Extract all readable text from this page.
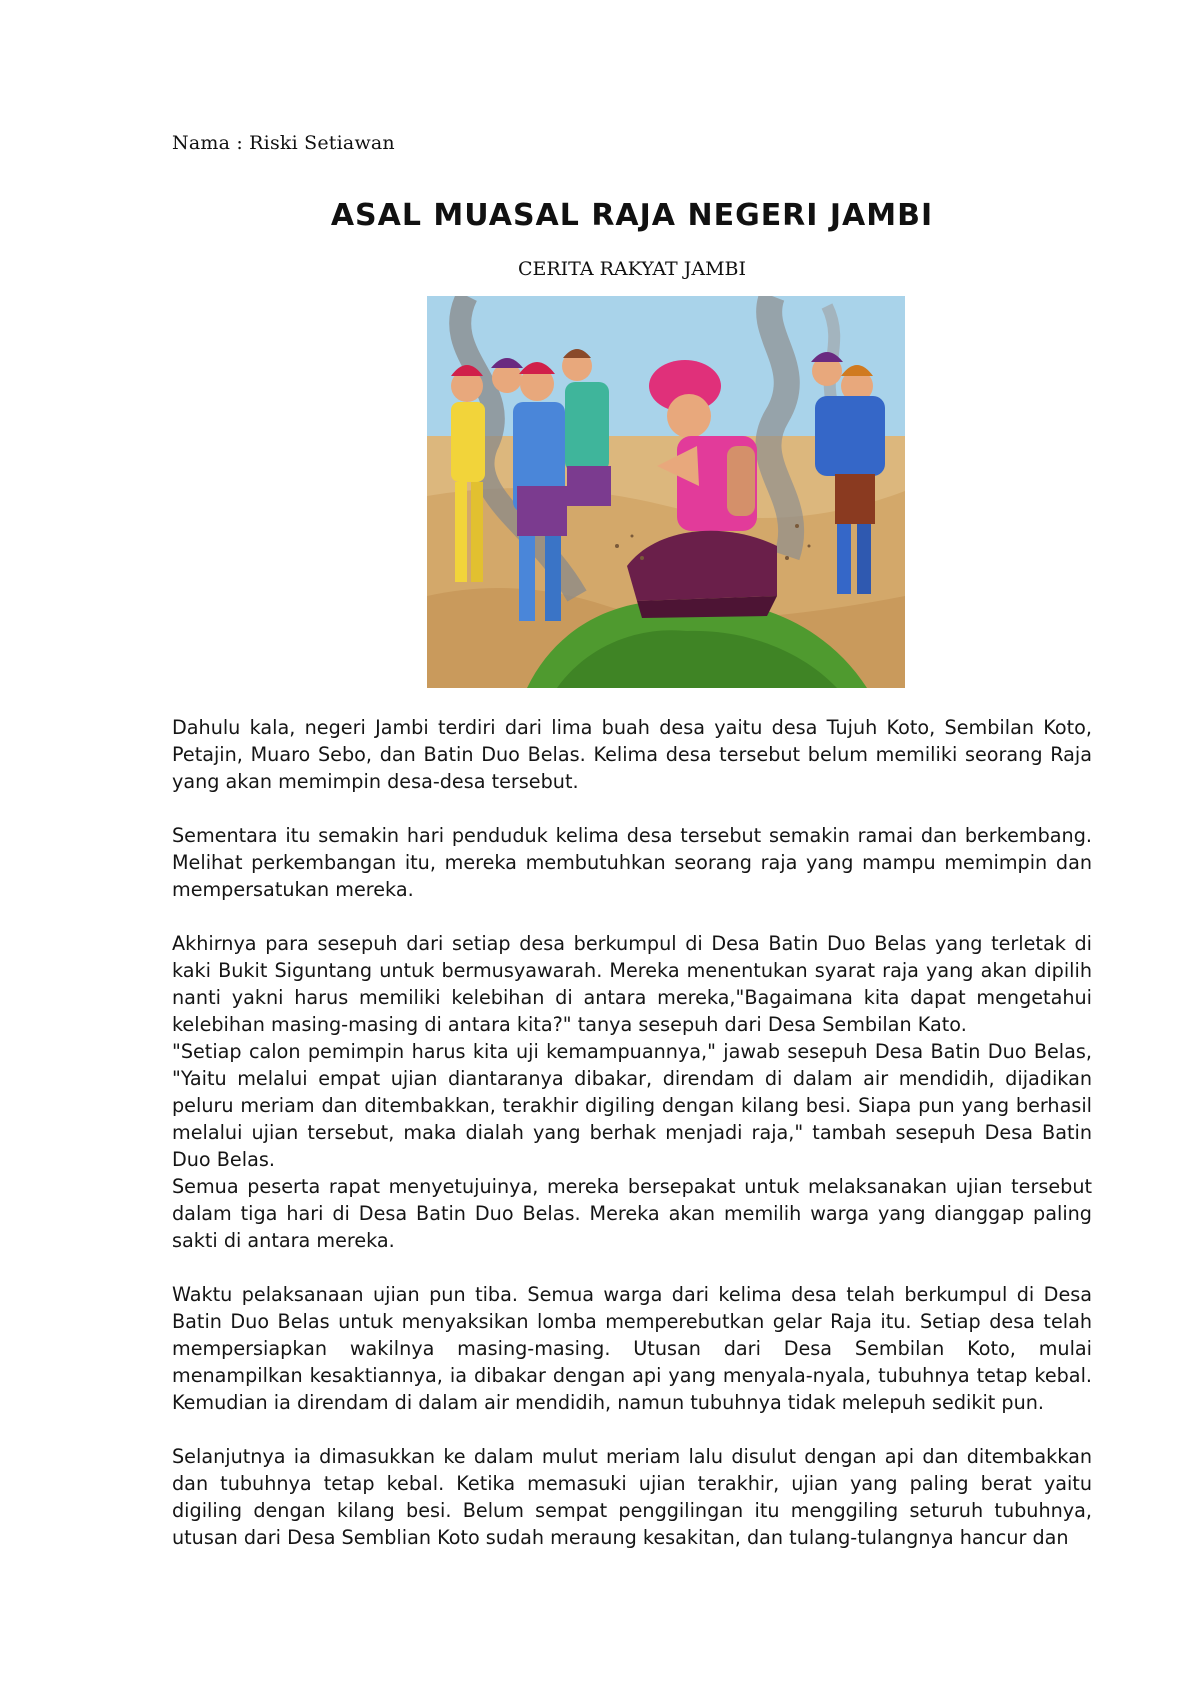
Nama : Riski Setiawan
ASAL MUASAL RAJA NEGERI JAMBI
CERITA RAKYAT JAMBI

Dahulu kala, negeri Jambi terdiri dari lima buah desa yaitu desa Tujuh Koto, Sembilan Koto, Petajin, Muaro Sebo, dan Batin Duo Belas. Kelima desa tersebut belum memiliki seorang Raja yang akan memimpin desa-desa tersebut.

Sementara itu semakin hari penduduk kelima desa tersebut semakin ramai dan berkembang. Melihat perkembangan itu, mereka membutuhkan seorang raja yang mampu memimpin dan mempersatukan mereka.

Akhirnya para sesepuh dari setiap desa berkumpul di Desa Batin Duo Belas yang terletak di kaki Bukit Siguntang untuk bermusyawarah. Mereka menentukan syarat raja yang akan dipilih nanti yakni harus memiliki kelebihan di antara mereka,"Bagaimana kita dapat mengetahui kelebihan masing-masing di antara kita?" tanya sesepuh dari Desa Sembilan Kato.

"Setiap calon pemimpin harus kita uji kemampuannya," jawab sesepuh Desa Batin Duo Belas, "Yaitu melalui empat ujian diantaranya dibakar, direndam di dalam air mendidih, dijadikan peluru meriam dan ditembakkan, terakhir digiling dengan kilang besi. Siapa pun yang berhasil melalui ujian tersebut, maka dialah yang berhak menjadi raja," tambah sesepuh Desa Batin Duo Belas.

Semua peserta rapat menyetujuinya, mereka bersepakat untuk melaksanakan ujian tersebut dalam tiga hari di Desa Batin Duo Belas. Mereka akan memilih warga yang dianggap paling sakti di antara mereka.

Waktu pelaksanaan ujian pun tiba. Semua warga dari kelima desa telah berkumpul di Desa Batin Duo Belas untuk menyaksikan lomba memperebutkan gelar Raja itu. Setiap desa telah mempersiapkan wakilnya masing-masing. Utusan dari Desa Sembilan Koto, mulai menampilkan kesaktiannya, ia dibakar dengan api yang menyala-nyala, tubuhnya tetap kebal. Kemudian ia direndam di dalam air mendidih, namun tubuhnya tidak melepuh sedikit pun.

Selanjutnya ia dimasukkan ke dalam mulut meriam lalu disulut dengan api dan ditembakkan dan tubuhnya tetap kebal. Ketika memasuki ujian terakhir, ujian yang paling berat yaitu digiling dengan kilang besi. Belum sempat penggilingan itu menggiling seturuh tubuhnya, utusan dari Desa Semblian Koto sudah meraung kesakitan, dan tulang-tulangnya hancur dan
